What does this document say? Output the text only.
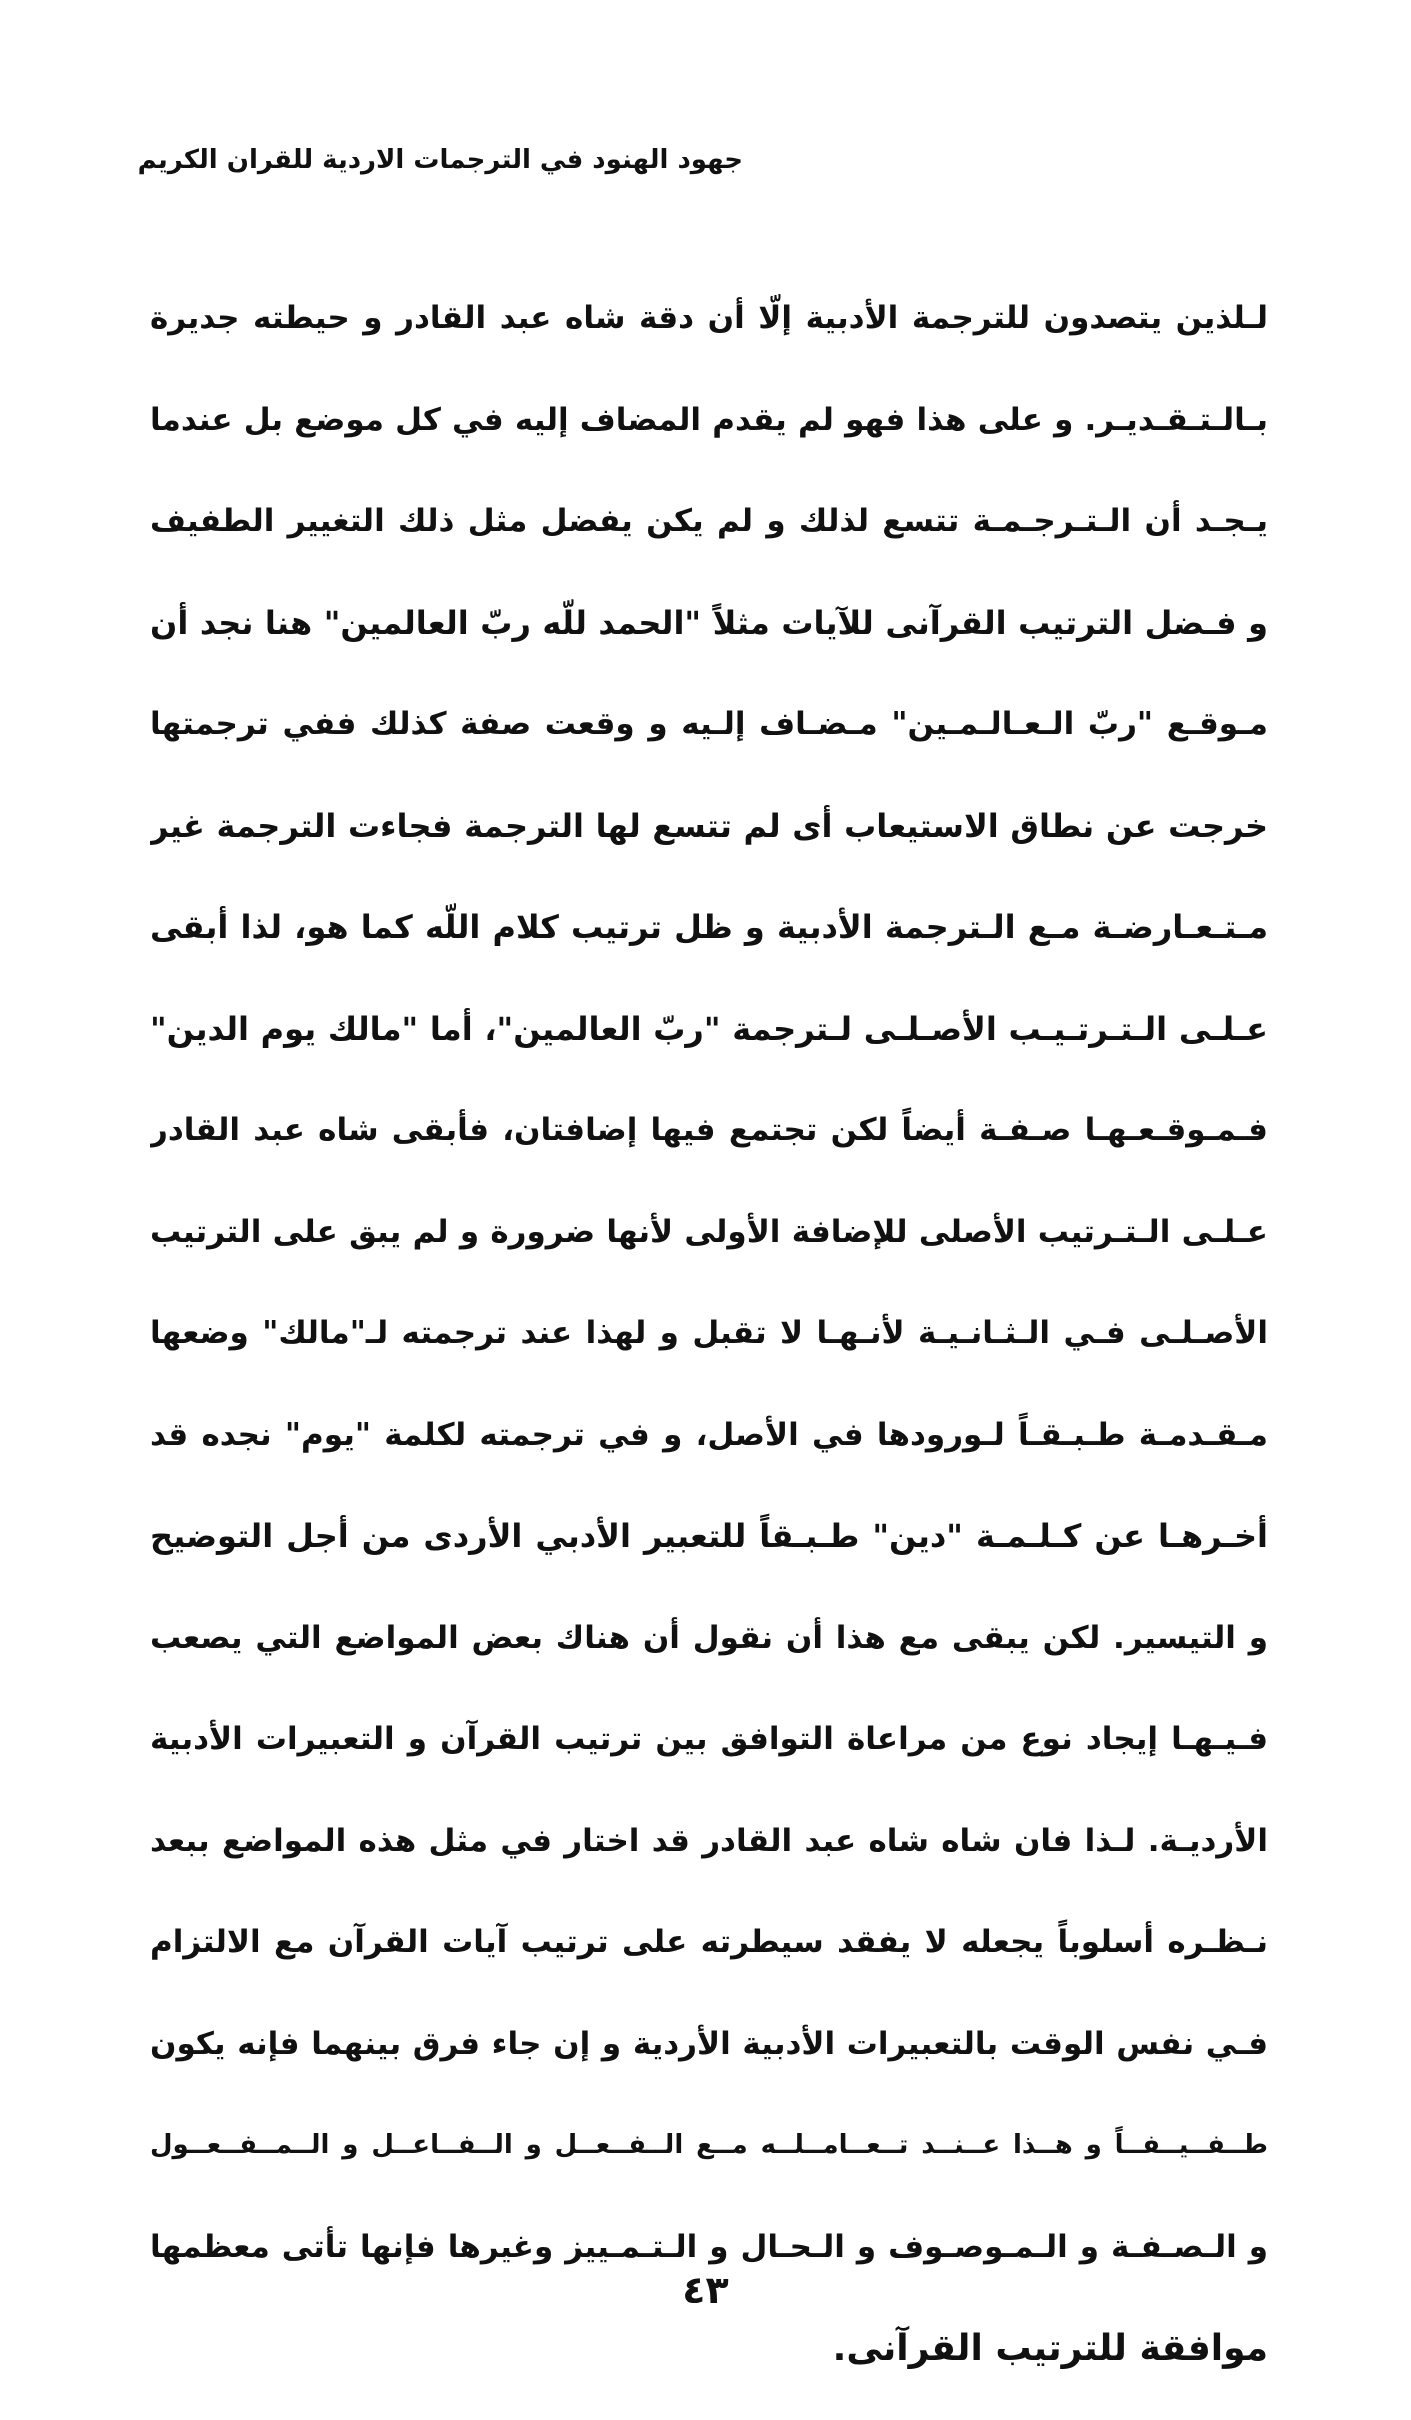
جهود الهنود في الترجمات الاردية للقران الكريم
لـلذين يتصدون للترجمة الأدبية إلّا أن دقة شاه عبد القادر و حيطته جديرة
بـالـتـقـديـر. و على هذا فهو لم يقدم المضاف إليه في كل موضع بل عندما
يـجـد أن الـتـرجـمـة تتسع لذلك و لم يكن يفضل مثل ذلك التغيير الطفيف
و فـضل الترتيب القرآنى للآيات مثلاً "الحمد للّه ربّ العالمين" هنا نجد أن
مـوقـع "ربّ الـعـالـمـين" مـضـاف إلـيه و وقعت صفة كذلك ففي ترجمتها
خرجت عن نطاق الاستيعاب أى لم تتسع لها الترجمة فجاءت الترجمة غير
مـتـعـارضـة مـع الـترجمة الأدبية و ظل ترتيب كلام اللّه كما هو، لذا أبقى
عـلـى الـتـرتـيـب الأصـلـى لـترجمة "ربّ العالمين"، أما "مالك يوم الدين"
فـمـوقـعـهـا صـفـة أيضاً لكن تجتمع فيها إضافتان، فأبقى شاه عبد القادر
عـلـى الـتـرتيب الأصلى للإضافة الأولى لأنها ضرورة و لم يبق على الترتيب
الأصـلـى فـي الـثـانـيـة لأنـهـا لا تقبل و لهذا عند ترجمته لـ"مالك" وضعها
مـقـدمـة طـبـقـاً لـورودها في الأصل، و في ترجمته لكلمة "يوم" نجده قد
أخـرهـا عن كـلـمـة "دين" طـبـقاً للتعبير الأدبي الأردى من أجل التوضيح
و التيسير. لكن يبقى مع هذا أن نقول أن هناك بعض المواضع التي يصعب
فـيـهـا إيجاد نوع من مراعاة التوافق بين ترتيب القرآن و التعبيرات الأدبية
الأرديـة. لـذا فان شاه شاه عبد القادر قد اختار في مثل هذه المواضع ببعد
نـظـره أسلوباً يجعله لا يفقد سيطرته على ترتيب آيات القرآن مع الالتزام
فـي نفس الوقت بالتعبيرات الأدبية الأردية و إن جاء فرق بينهما فإنه يكون
طــفــيــفــاً و هــذا عــنــد تــعــامــلــه مــع الــفــعــل و الــفــاعــل و الــمــفــعــول
و الـصـفـة و الـمـوصـوف و الـحـال و الـتـمـييز وغيرها فإنها تأتى معظمها
موافقة للترتيب القرآنى.
٤٣
